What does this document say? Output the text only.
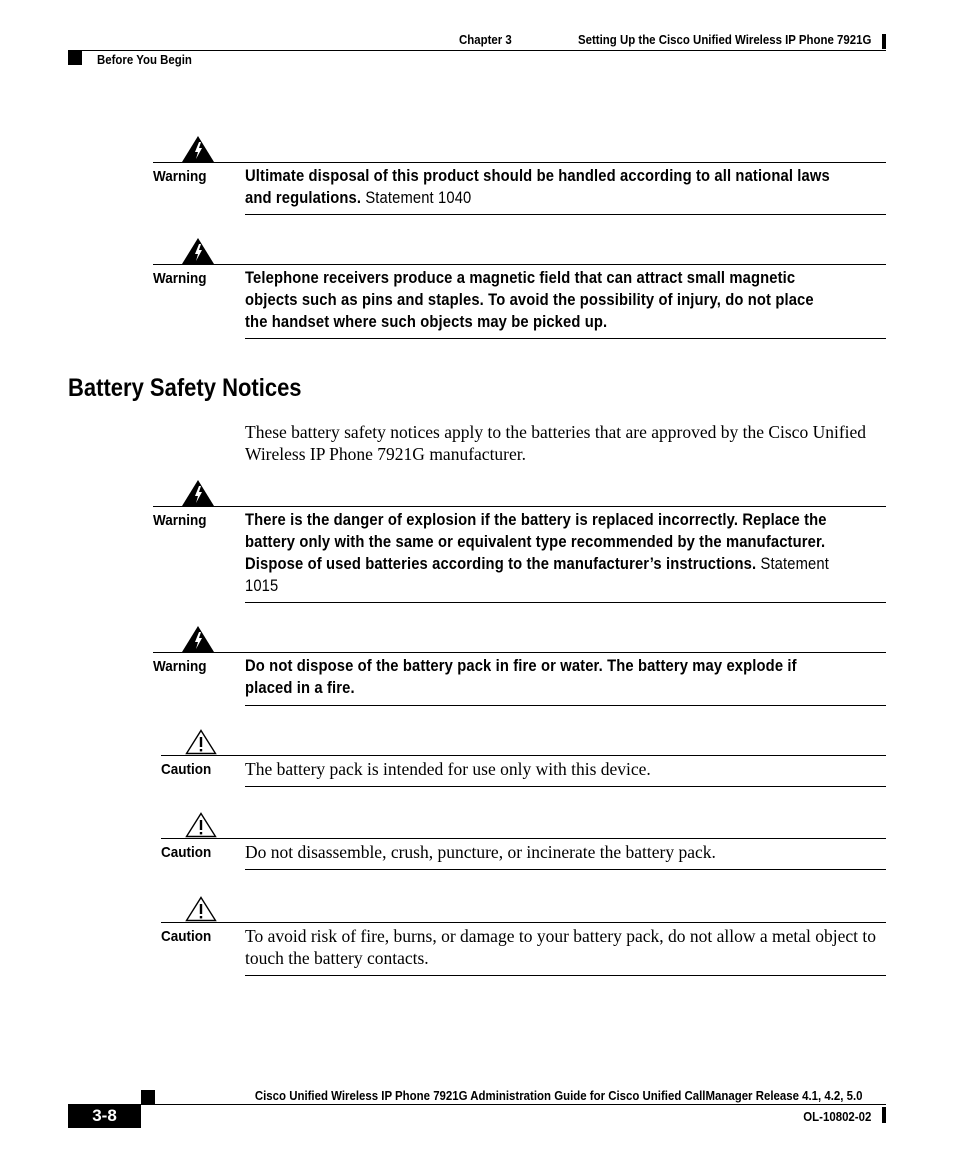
Chapter 3	Setting Up the Cisco Unified Wireless IP Phone 7921G
Before You Begin
Warning Ultimate disposal of this product should be handled according to all national laws and regulations. Statement 1040
Warning Telephone receivers produce a magnetic field that can attract small magnetic objects such as pins and staples. To avoid the possibility of injury, do not place the handset where such objects may be picked up.
Battery Safety Notices
These battery safety notices apply to the batteries that are approved by the Cisco Unified Wireless IP Phone 7921G manufacturer.
Warning There is the danger of explosion if the battery is replaced incorrectly. Replace the battery only with the same or equivalent type recommended by the manufacturer. Dispose of used batteries according to the manufacturer’s instructions. Statement 1015
Warning Do not dispose of the battery pack in fire or water. The battery may explode if placed in a fire.
Caution The battery pack is intended for use only with this device.
Caution Do not disassemble, crush, puncture, or incinerate the battery pack.
Caution To avoid risk of fire, burns, or damage to your battery pack, do not allow a metal object to touch the battery contacts.
Cisco Unified Wireless IP Phone 7921G Administration Guide for Cisco Unified CallManager Release 4.1, 4.2, 5.0
3-8	OL-10802-02
